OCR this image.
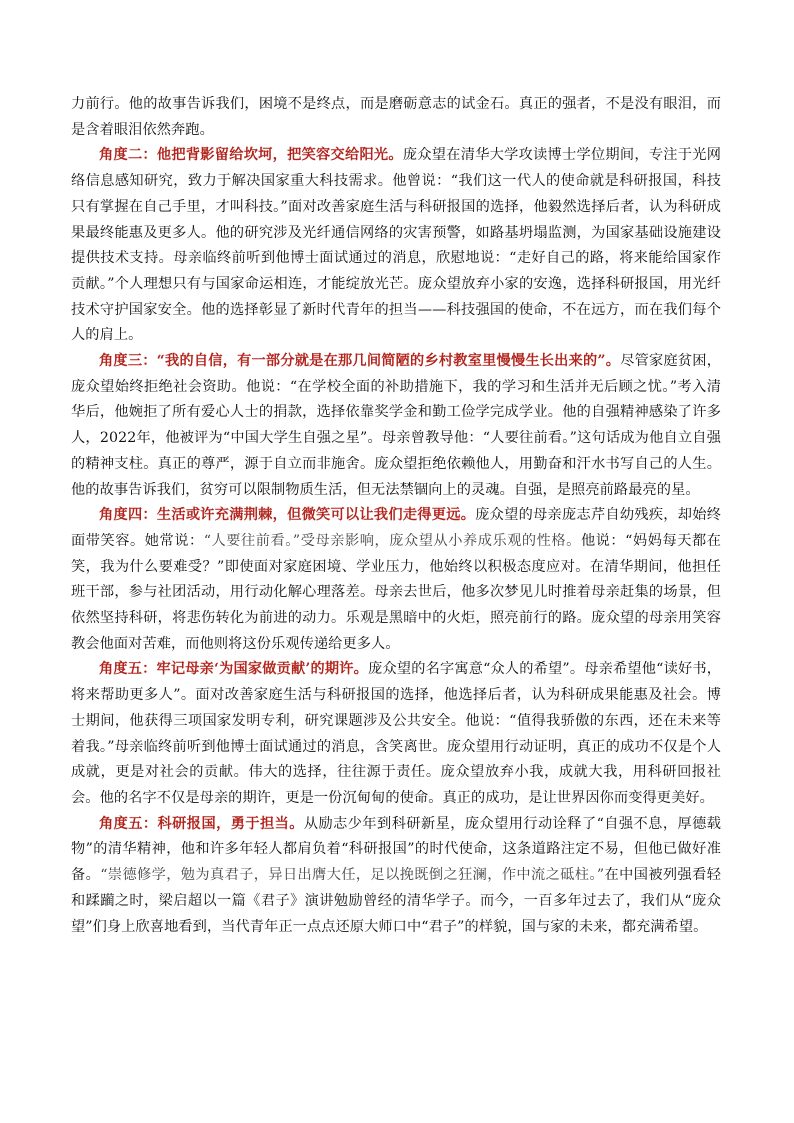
力前行。他的故事告诉我们，困境不是终点，而是磨砺意志的试金石。真正的强者，不是没有眼泪，而是含着眼泪依然奔跑。

角度二：他把背影留给坎坷，把笑容交给阳光。庞众望在清华大学攻读博士学位期间，专注于光网络信息感知研究，致力于解决国家重大科技需求。他曾说：“我们这一代人的使命就是科研报国，科技只有掌握在自己手里，才叫科技。”面对改善家庭生活与科研报国的选择，他毅然选择后者，认为科研成果最终能惠及更多人。他的研究涉及光纤通信网络的灾害预警，如路基坍塌监测，为国家基础设施建设提供技术支持。母亲临终前听到他博士面试通过的消息，欣慰地说：“走好自己的路，将来能给国家作贡献。”个人理想只有与国家命运相连，才能绽放光芒。庞众望放弃小家的安逸，选择科研报国，用光纤技术守护国家安全。他的选择彰显了新时代青年的担当——科技强国的使命，不在远方，而在我们每个人的肩上。

角度三：“我的自信，有一部分就是在那几间简陋的乡村教室里慢慢生长出来的”。尽管家庭贫困，庞众望始终拒绝社会资助。他说：“在学校全面的补助措施下，我的学习和生活并无后顾之忧。”考入清华后，他婉拒了所有爱心人士的捐款，选择依靠奖学金和勤工俭学完成学业。他的自强精神感染了许多人，2022年，他被评为“中国大学生自强之星”。母亲曾教导他：“人要往前看。”这句话成为他自立自强的精神支柱。真正的尊严，源于自立而非施舍。庞众望拒绝依赖他人，用勤奋和汗水书写自己的人生。他的故事告诉我们，贫穷可以限制物质生活，但无法禁锢向上的灵魂。自强，是照亮前路最亮的星。

角度四：生活或许充满荆棘，但微笑可以让我们走得更远。庞众望的母亲庞志芹自幼残疾，却始终面带笑容。她常说：“人要往前看。”受母亲影响，庞众望从小养成乐观的性格。他说：“妈妈每天都在笑，我为什么要难受？”即使面对家庭困境、学业压力，他始终以积极态度应对。在清华期间，他担任班干部，参与社团活动，用行动化解心理落差。母亲去世后，他多次梦见儿时推着母亲赶集的场景，但依然坚持科研，将悲伤转化为前进的动力。乐观是黑暗中的火炬，照亮前行的路。庞众望的母亲用笑容教会他面对苦难，而他则将这份乐观传递给更多人。

角度五：牢记母亲‘为国家做贡献’的期许。庞众望的名字寓意“众人的希望”。母亲希望他“读好书，将来帮助更多人”。面对改善家庭生活与科研报国的选择，他选择后者，认为科研成果能惠及社会。博士期间，他获得三项国家发明专利，研究课题涉及公共安全。他说：“值得我骄傲的东西，还在未来等着我。”母亲临终前听到他博士面试通过的消息，含笑离世。庞众望用行动证明，真正的成功不仅是个人成就，更是对社会的贡献。伟大的选择，往往源于责任。庞众望放弃小我，成就大我，用科研回报社会。他的名字不仅是母亲的期许，更是一份沉甸甸的使命。真正的成功，是让世界因你而变得更美好。

角度五：科研报国，勇于担当。从励志少年到科研新星，庞众望用行动诠释了“自强不息，厚德载物”的清华精神，他和许多年轻人都肩负着“科研报国”的时代使命，这条道路注定不易，但他已做好准备。“崇德修学，勉为真君子，异日出膺大任，足以挽既倒之狂澜，作中流之砥柱。”在中国被列强看轻和蹂躏之时，梁启超以一篇《君子》演讲勉励曾经的清华学子。而今，一百多年过去了，我们从“庞众望”们身上欣喜地看到，当代青年正一点点还原大师口中“君子”的样貌，国与家的未来，都充满希望。
